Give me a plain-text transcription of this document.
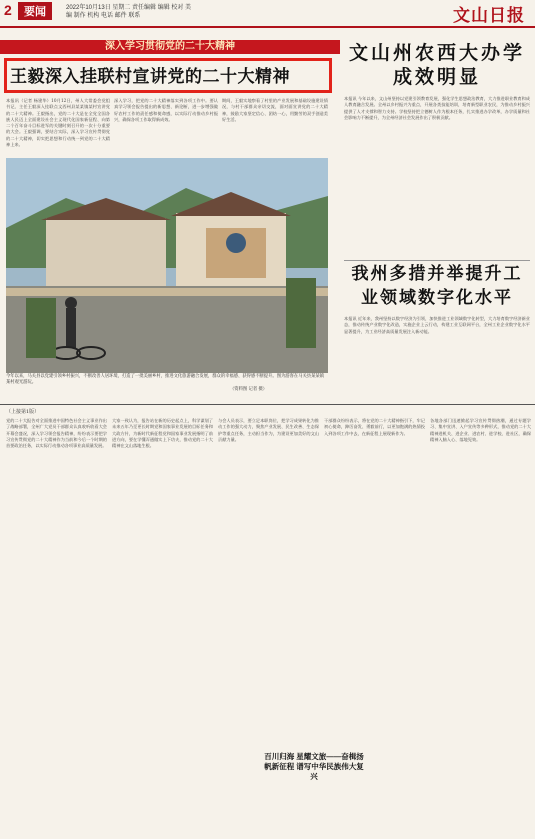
2	要闻	2022年10月13日 星期二 责任编辑 编辑 校对 美编 制作 机构 电话 邮件 联系	文山日报
深入学习贯彻党的二十大精神
王毅深入挂联村宣讲党的二十大精神
本报讯（记者 杨建华）10月12日，州人大常委会党组书记、主任王毅深入挂联点文西州县某某镇某村宣讲党的二十大精神。王毅指出，党的二十大是在全党全国各族人民迈上全面建设社会主义现代化国家新征程、向第二个百年奋斗目标进军的关键时刻召开的一次十分重要的大会。王毅强调，要结合实际，深入学习宣传贯彻党的二十大精神，切实把思想和行动统一到党的二十大精神上来。
深入学习，把党的二十大精神落实到各项工作中。要认真学习领会报告提出的新思想、新论断，进一步增强做好农村工作的责任感和使命感，以实际行动推动乡村振兴，确保各项工作取得新成效。
期间，王毅实地察看了村里的产业发展和基础设施建设情况，与村干部群众亲切交流，面对面宣讲党的二十大精神，鼓励大家坚定信心、团结一心，用勤劳的双手创造美好生活。
今年以来，马关县以党建引领乡村振兴，不断改善人居环境，打造了一批美丽乡村，推进文化旅游融合发展，群众的幸福感、获得感不断提升。图为游客在马关县某某镇某村观光游玩。
（资料图 记者 摄）
文山州农西大办学成效明显
本报讯 今年以来，文山州坚持以党建引领教育发展，强化学生思想政治教育，大力推进职业教育和成人教育融合发展。全州以乡村振兴为重点，开展各类技能培训，培育新型职业农民，为推动乡村振兴提供了人才支撑和智力支持。学校坚持把立德树人作为根本任务，扎实推进办学改革，办学质量和社会影响力不断提升，为全州经济社会发展作出了积极贡献。
我州多措并举提升工业领域数字化水平
本报讯 近年来，我州坚持以数字经济为引领，加快推进工业领域数字化转型，大力培育数字经济新业态，推动传统产业数字化改造，实施企业上云行动，构建工业互联网平台，全州工业企业数字化水平显著提升，为工业经济高质量发展注入新动能。
（上接第1版）
党的二十大报告对全面推进中国特色社会主义事业作出了战略部署，全州广大党员干部群众认真收听收看大会开幕会盛况，深入学习领会报告精神，纷纷表示要把学习宣传贯彻党的二十大精神作为当前和今后一个时期的首要政治任务，以实际行动推动各项事业高质量发展。
大家一致认为，报告站在新的历史起点上，科学谋划了未来五年乃至更长时期党和国家事业发展的目标任务和大政方针，为新时代新征程党和国家事业发展指明了前进方向，要在学懂弄通做实上下功夫，推动党的二十大精神在文山落地生根。
与会人员表示，要立足本职岗位，把学习成果转化为推动工作的强大动力，聚焦产业发展、民生改善、生态保护等重点任务，主动担当作为，为建设更加美好的文山贡献力量。
干部群众纷纷表示，将在党的二十大精神指引下，牢记初心使命，踔厉奋发、勇毅前行，以更加饱满的热情投入到各项工作中去，在新征程上展现新作为。
各地各部门迅速掀起学习宣传贯彻热潮，通过专题学习、集中宣讲、入户宣传等多种形式，推动党的二十大精神进机关、进企业、进农村、进学校、进社区，确保精神入脑入心、落地见效。
百川归海 星耀文旅——奋楫扬帆新征程 谱写中华民族伟大复兴
